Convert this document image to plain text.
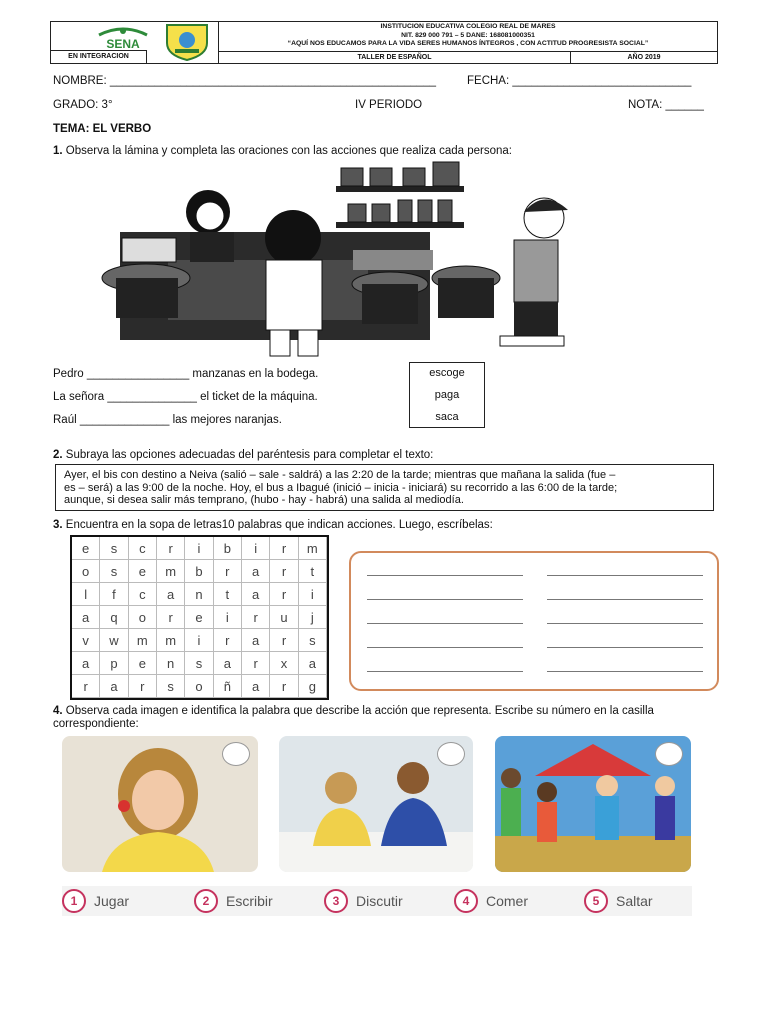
SENA
EN INTEGRACION
INSTITUCION EDUCATIVA COLEGIO REAL DE MARES
NIT. 829 000 791 – 5 DANE: 168081000351
“AQUÍ NOS EDUCAMOS PARA LA VIDA SERES HUMANOS ÍNTEGROS , CON ACTITUD PROGRESISTA SOCIAL”
TALLER DE ESPAÑOL	AÑO 2019
NOMBRE: ___________________________________________________	FECHA: ____________________________
GRADO: 3°	IV PERIODO	NOTA: ______
TEMA: EL VERBO
1. Observa la lámina y completa las oraciones con las acciones que realiza cada persona:
Pedro ________________ manzanas en la bodega.
La señora ______________ el ticket de la máquina.
Raúl ______________ las mejores naranjas.
escoge
paga
saca
2. Subraya las opciones adecuadas del paréntesis para completar el texto:
Ayer, el bis con destino a Neiva (salió – sale - saldrá) a las 2:20 de la tarde; mientras que mañana la salida (fue –
es – será) a las 9:00 de la noche. Hoy, el bus a Ibagué (inició – inicia - iniciará) su recorrido a las 6:00 de la tarde;
aunque, si desea salir más temprano, (hubo - hay - habrá) una salida al mediodía.
3. Encuentra en la sopa de letras10 palabras que indican acciones. Luego, escríbelas:
e	s	c	r	i	b	i	r	m
o	s	e	m	b	r	a	r	t
l	f	c	a	n	t	a	r	i
a	q	o	r	e	i	r	u	j
v	w	m	m	i	r	a	r	s
a	p	e	n	s	a	r	x	a
r	a	r	s	o	ñ	a	r	g
4. Observa cada imagen e identifica la palabra que describe la acción que representa. Escribe su número en la casilla
correspondiente:
1	Jugar	2	Escribir	3	Discutir	4	Comer	5	Saltar
